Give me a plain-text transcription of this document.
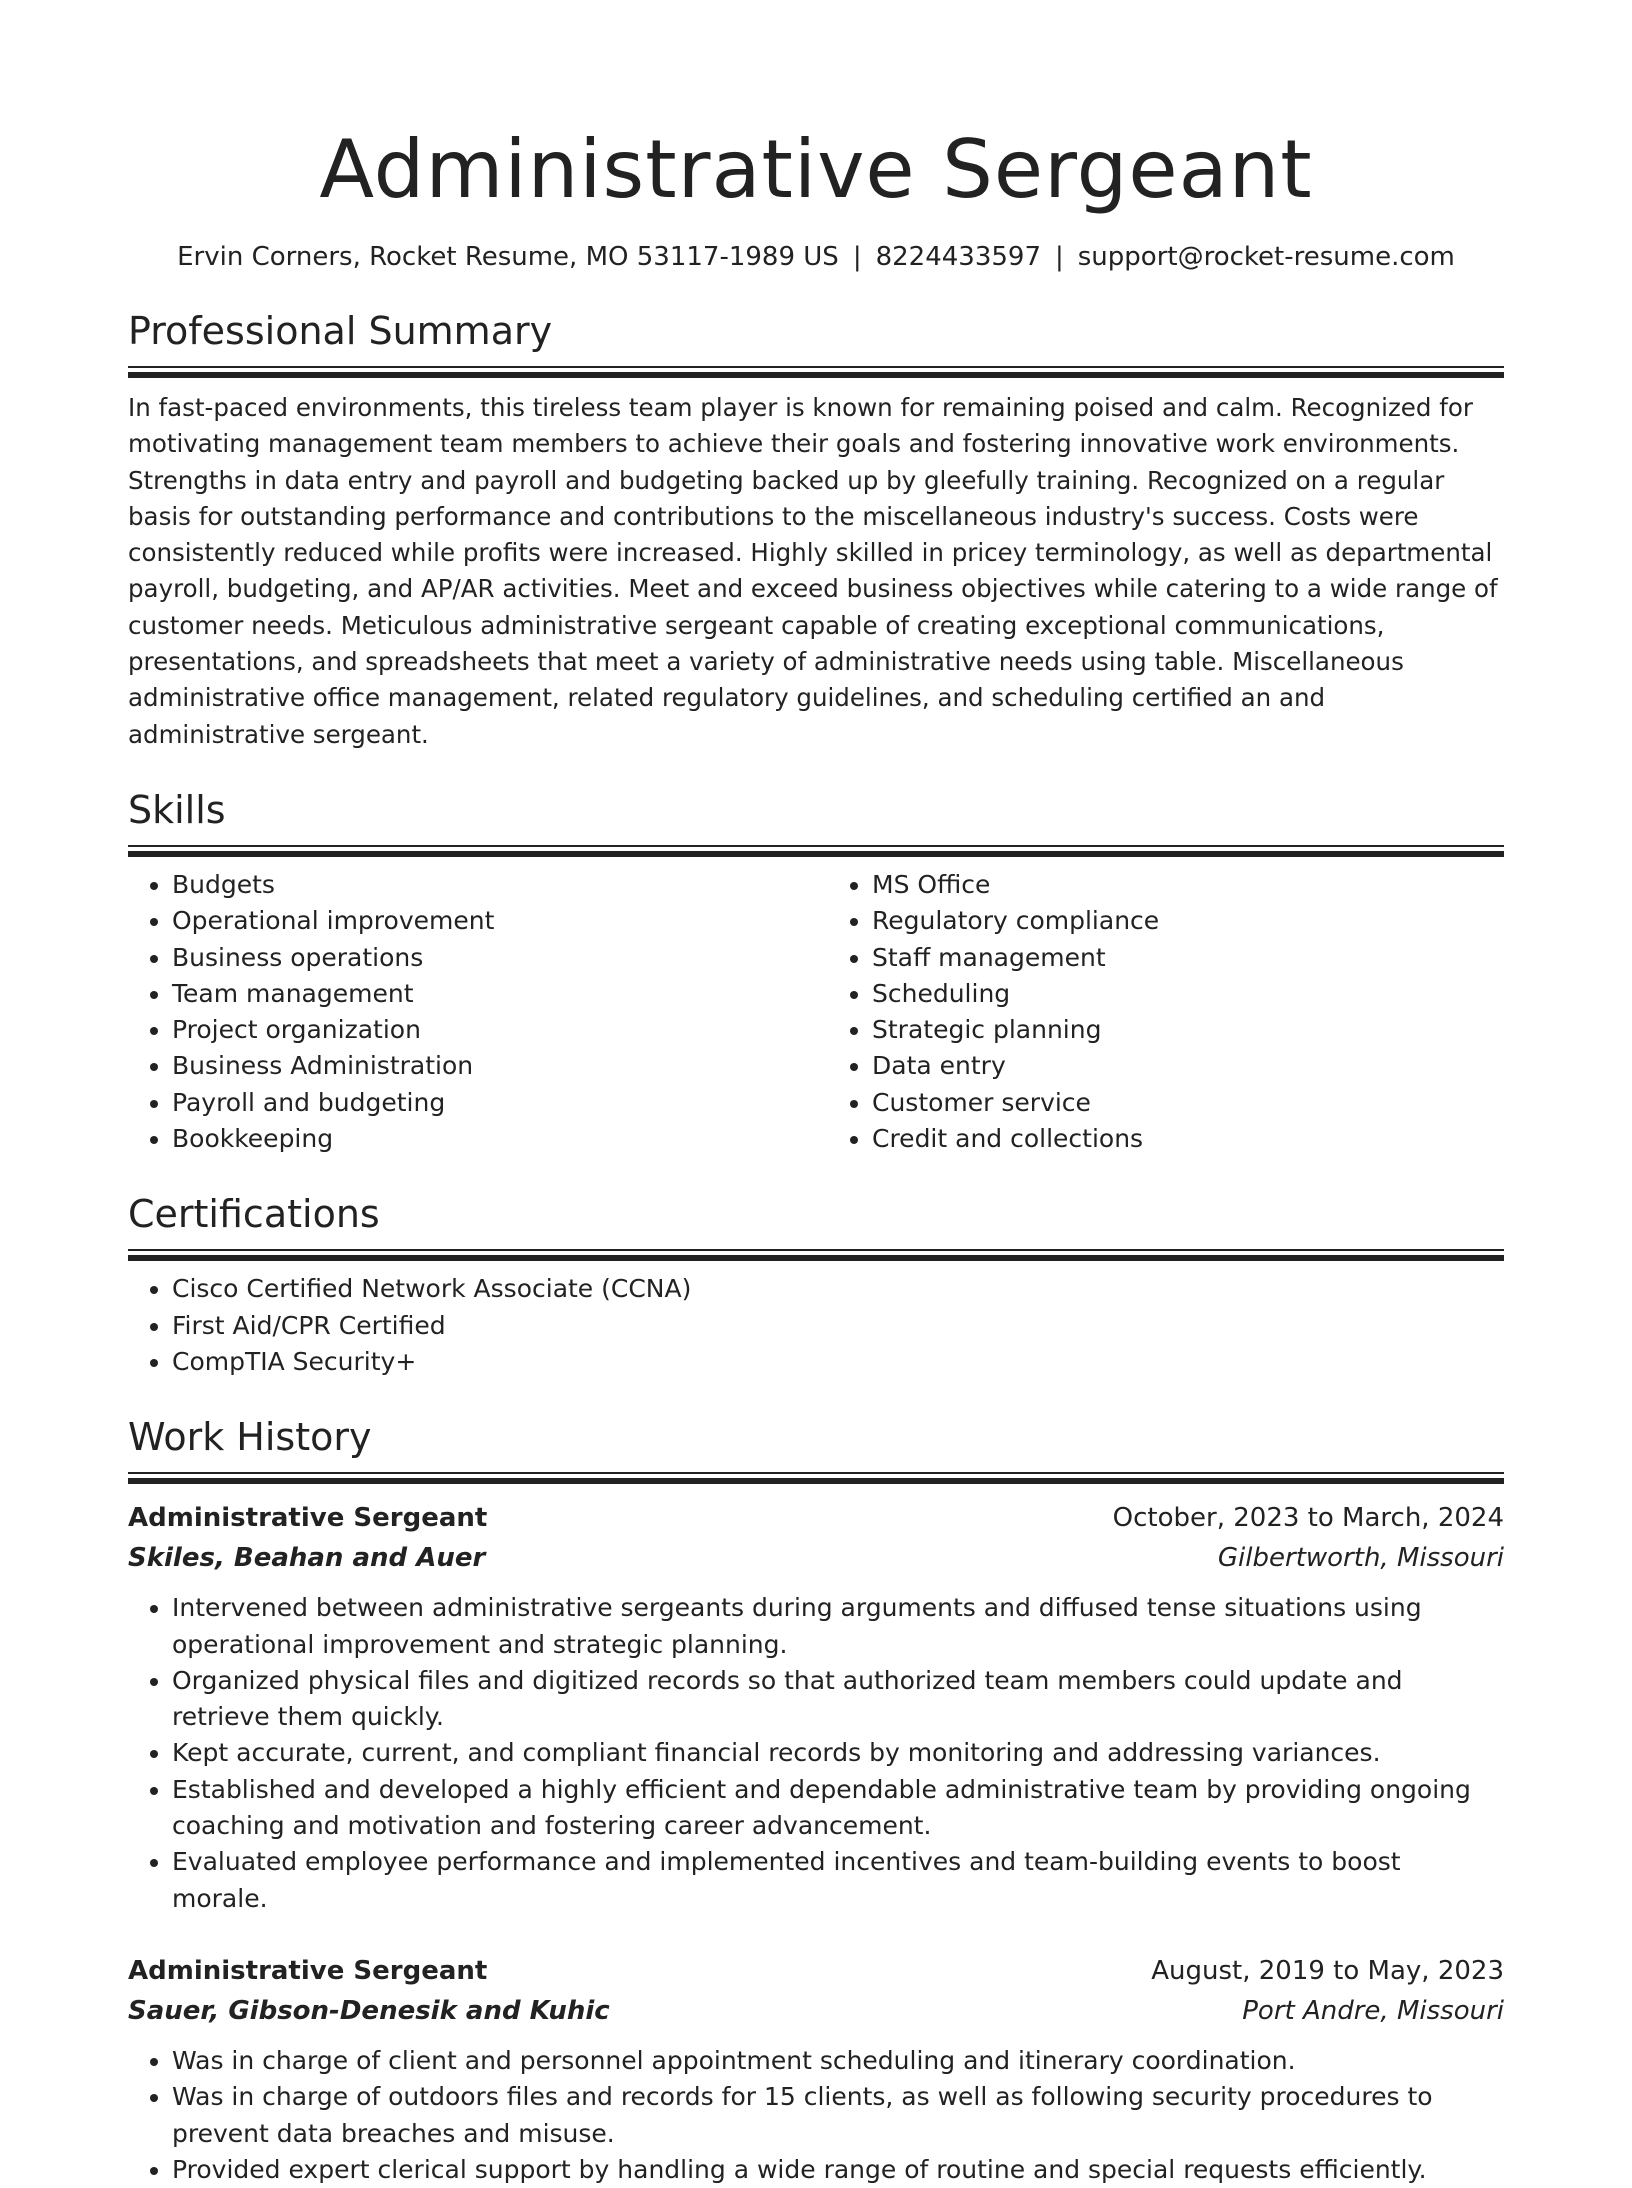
Administrative Sergeant
Ervin Corners, Rocket Resume, MO 53117-1989 US | 8224433597 | support@rocket-resume.com
Professional Summary

In fast-paced environments, this tireless team player is known for remaining poised and calm. Recognized for motivating management team members to achieve their goals and fostering innovative work environments. Strengths in data entry and payroll and budgeting backed up by gleefully training. Recognized on a regular basis for outstanding performance and contributions to the miscellaneous industry's success. Costs were consistently reduced while profits were increased. Highly skilled in pricey terminology, as well as departmental payroll, budgeting, and AP/AR activities. Meet and exceed business objectives while catering to a wide range of customer needs. Meticulous administrative sergeant capable of creating exceptional communications, presentations, and spreadsheets that meet a variety of administrative needs using table. Miscellaneous administrative office management, related regulatory guidelines, and scheduling certified an and administrative sergeant.

Skills
• Budgets
• Operational improvement
• Business operations
• Team management
• Project organization
• Business Administration
• Payroll and budgeting
• Bookkeeping
• MS Office
• Regulatory compliance
• Staff management
• Scheduling
• Strategic planning
• Data entry
• Customer service
• Credit and collections
Certifications
• Cisco Certified Network Associate (CCNA)
• First Aid/CPR Certified
• CompTIA Security+
Work History
Administrative Sergeant	October, 2023 to March, 2024
Skiles, Beahan and Auer	Gilbertworth, Missouri
• Intervened between administrative sergeants during arguments and diffused tense situations using operational improvement and strategic planning.
• Organized physical files and digitized records so that authorized team members could update and retrieve them quickly.
• Kept accurate, current, and compliant financial records by monitoring and addressing variances.
• Established and developed a highly efficient and dependable administrative team by providing ongoing coaching and motivation and fostering career advancement.
• Evaluated employee performance and implemented incentives and team-building events to boost morale.
Administrative Sergeant	August, 2019 to May, 2023
Sauer, Gibson-Denesik and Kuhic	Port Andre, Missouri
• Was in charge of client and personnel appointment scheduling and itinerary coordination.
• Was in charge of outdoors files and records for 15 clients, as well as following security procedures to prevent data breaches and misuse.
• Provided expert clerical support by handling a wide range of routine and special requests efficiently.
